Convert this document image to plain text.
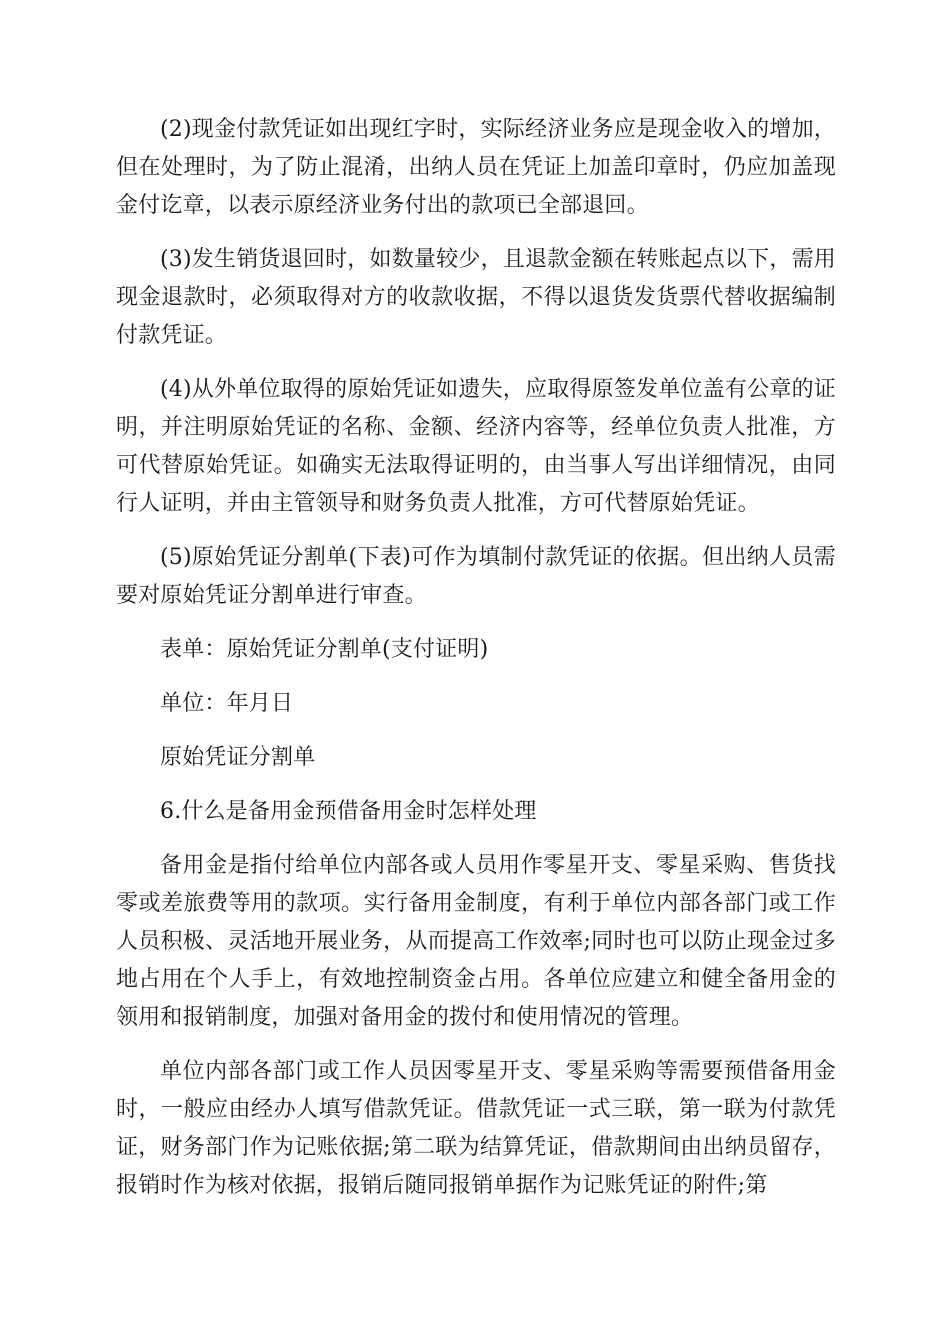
(2)现金付款凭证如出现红字时，实际经济业务应是现金收入的增加，但在处理时，为了防止混淆，出纳人员在凭证上加盖印章时，仍应加盖现金付讫章，以表示原经济业务付出的款项已全部退回。

(3)发生销货退回时，如数量较少，且退款金额在转账起点以下，需用现金退款时，必须取得对方的收款收据，不得以退货发货票代替收据编制付款凭证。

(4)从外单位取得的原始凭证如遗失，应取得原签发单位盖有公章的证明，并注明原始凭证的名称、金额、经济内容等，经单位负责人批准，方可代替原始凭证。如确实无法取得证明的，由当事人写出详细情况，由同行人证明，并由主管领导和财务负责人批准，方可代替原始凭证。

(5)原始凭证分割单(下表)可作为填制付款凭证的依据。但出纳人员需要对原始凭证分割单进行审查。

表单：原始凭证分割单(支付证明)

单位：年月日

原始凭证分割单

6.什么是备用金预借备用金时怎样处理

备用金是指付给单位内部各或人员用作零星开支、零星采购、售货找零或差旅费等用的款项。实行备用金制度，有利于单位内部各部门或工作人员积极、灵活地开展业务，从而提高工作效率;同时也可以防止现金过多地占用在个人手上，有效地控制资金占用。各单位应建立和健全备用金的领用和报销制度，加强对备用金的拨付和使用情况的管理。

单位内部各部门或工作人员因零星开支、零星采购等需要预借备用金时，一般应由经办人填写借款凭证。借款凭证一式三联，第一联为付款凭证，财务部门作为记账依据;第二联为结算凭证，借款期间由出纳员留存，报销时作为核对依据，报销后随同报销单据作为记账凭证的附件;第
